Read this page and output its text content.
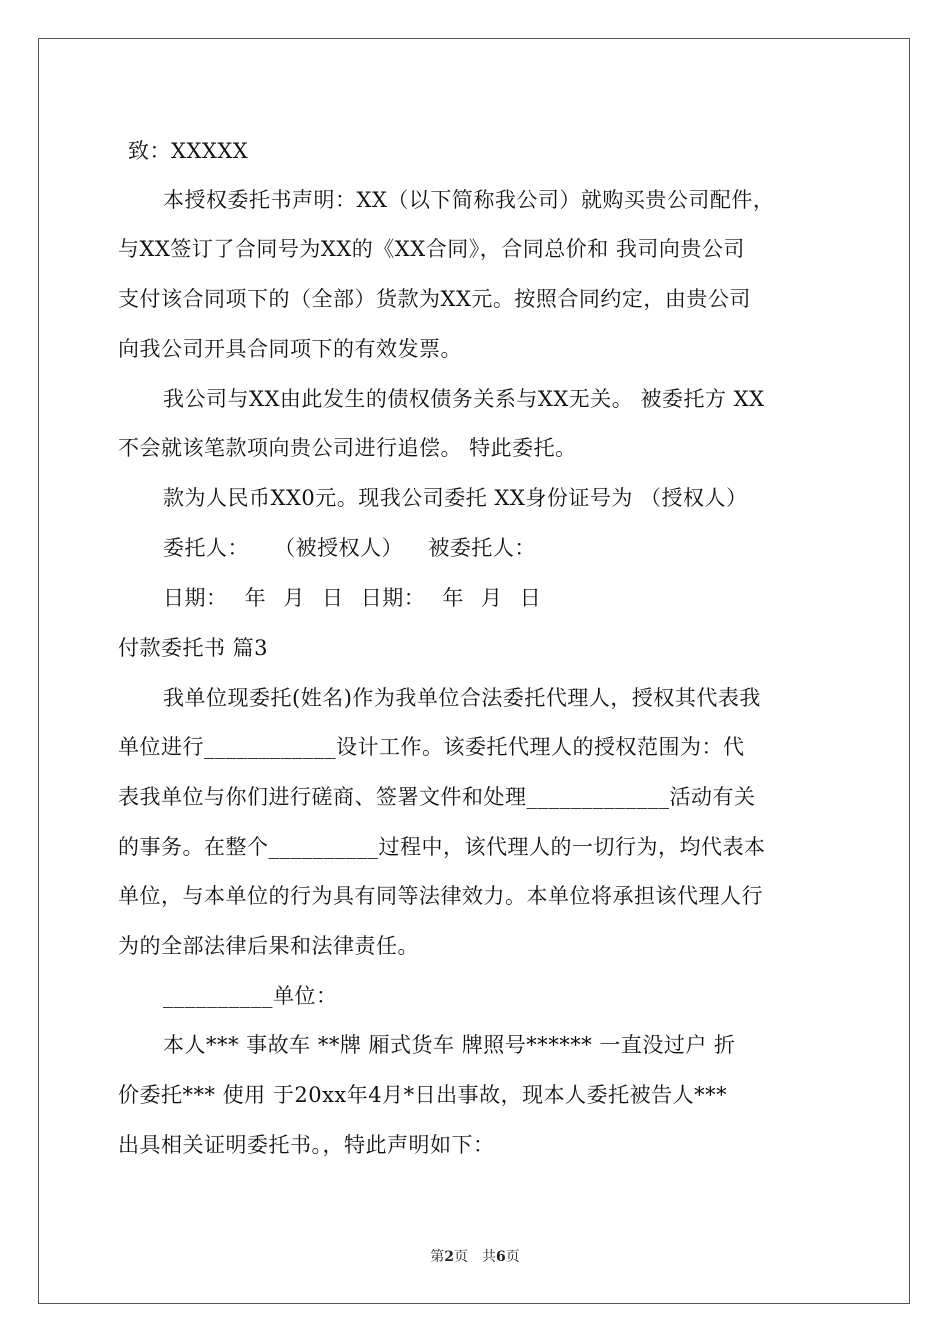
致：XXXXX
本授权委托书声明：XX（以下简称我公司）就购买贵公司配件，
与XX签订了合同号为XX的《XX合同》，合同总价和 我司向贵公司
支付该合同项下的（全部）货款为XX元。按照合同约定，由贵公司
向我公司开具合同项下的有效发票。
我公司与XX由此发生的债权债务关系与XX无关。 被委托方 XX
不会就该笔款项向贵公司进行追偿。 特此委托。
款为人民币XX0元。现我公司委托 XX身份证号为 （授权人）
委托人： （被授权人） 被委托人：
日期： 年 月 日 日期： 年 月 日
付款委托书 篇3
我单位现委托(姓名)作为我单位合法委托代理人，授权其代表我
单位进行____________设计工作。该委托代理人的授权范围为：代
表我单位与你们进行磋商、签署文件和处理_____________活动有关
的事务。在整个__________过程中，该代理人的一切行为，均代表本
单位，与本单位的行为具有同等法律效力。本单位将承担该代理人行
为的全部法律后果和法律责任。
__________单位：
本人*** 事故车 **牌 厢式货车 牌照号****** 一直没过户 折
价委托*** 使用 于20xx年4月*日出事故，现本人委托被告人***
出具相关证明委托书。，特此声明如下：
第2页　共6页
